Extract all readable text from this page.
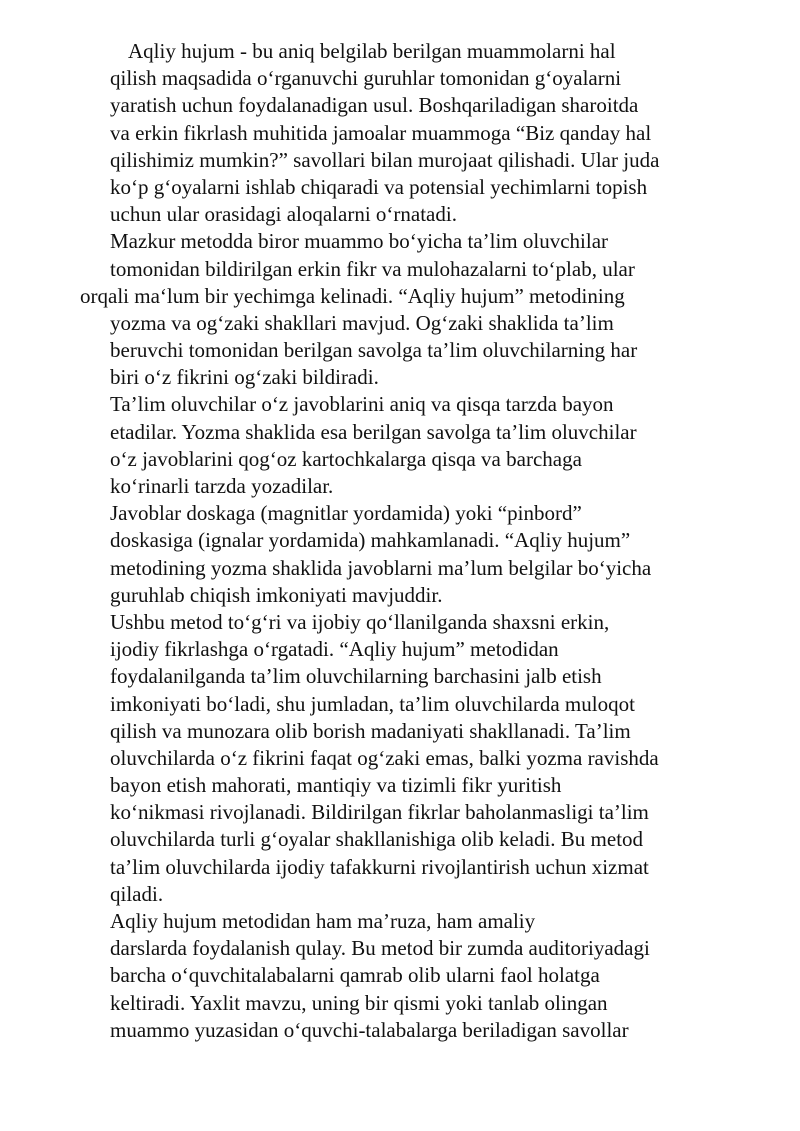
Aqliy hujum - bu aniq belgilab berilgan muammolarni hal
qilish maqsadida o‘rganuvchi guruhlar tomonidan g‘oyalarni
yaratish uchun foydalanadigan usul. Boshqariladigan sharoitda
va erkin fikrlash muhitida jamoalar muammoga “Biz qanday hal
qilishimiz mumkin?” savollari bilan murojaat qilishadi. Ular juda
ko‘p g‘oyalarni ishlab chiqaradi va potensial yechimlarni topish
uchun ular orasidagi aloqalarni o‘rnatadi.
Mazkur metodda biror muammo bo‘yicha ta’lim oluvchilar
tomonidan bildirilgan erkin fikr va mulohazalarni to‘plab, ular
orqali ma‘lum bir yechimga kelinadi. “Aqliy hujum” metodining
yozma va og‘zaki shakllari mavjud. Og‘zaki shaklida ta’lim
beruvchi tomonidan berilgan savolga ta’lim oluvchilarning har
biri o‘z fikrini og‘zaki bildiradi.
Ta’lim oluvchilar o‘z javoblarini aniq va qisqa tarzda bayon
etadilar. Yozma shaklida esa berilgan savolga ta’lim oluvchilar
o‘z javoblarini qog‘oz kartochkalarga qisqa va barchaga
ko‘rinarli tarzda yozadilar.
Javoblar doskaga (magnitlar yordamida) yoki “pinbord”
doskasiga (ignalar yordamida) mahkamlanadi. “Aqliy hujum”
metodining yozma shaklida javoblarni ma’lum belgilar bo‘yicha
guruhlab chiqish imkoniyati mavjuddir.
Ushbu metod to‘g‘ri va ijobiy qo‘llanilganda shaxsni erkin,
ijodiy fikrlashga o‘rgatadi. “Aqliy hujum” metodidan
foydalanilganda ta’lim oluvchilarning barchasini jalb etish
imkoniyati bo‘ladi, shu jumladan, ta’lim oluvchilarda muloqot
qilish va munozara olib borish madaniyati shakllanadi. Ta’lim
oluvchilarda o‘z fikrini faqat og‘zaki emas, balki yozma ravishda
bayon etish mahorati, mantiqiy va tizimli fikr yuritish
ko‘nikmasi rivojlanadi. Bildirilgan fikrlar baholanmasligi ta’lim
oluvchilarda turli g‘oyalar shakllanishiga olib keladi. Bu metod
ta’lim oluvchilarda ijodiy tafakkurni rivojlantirish uchun xizmat
qiladi.
Aqliy hujum metodidan ham ma’ruza, ham amaliy
darslarda foydalanish qulay. Bu metod bir zumda auditoriyadagi
barcha o‘quvchitalabalarni qamrab olib ularni faol holatga
keltiradi. Yaxlit mavzu, uning bir qismi yoki tanlab olingan
muammo yuzasidan o‘quvchi-talabalarga beriladigan savollar
